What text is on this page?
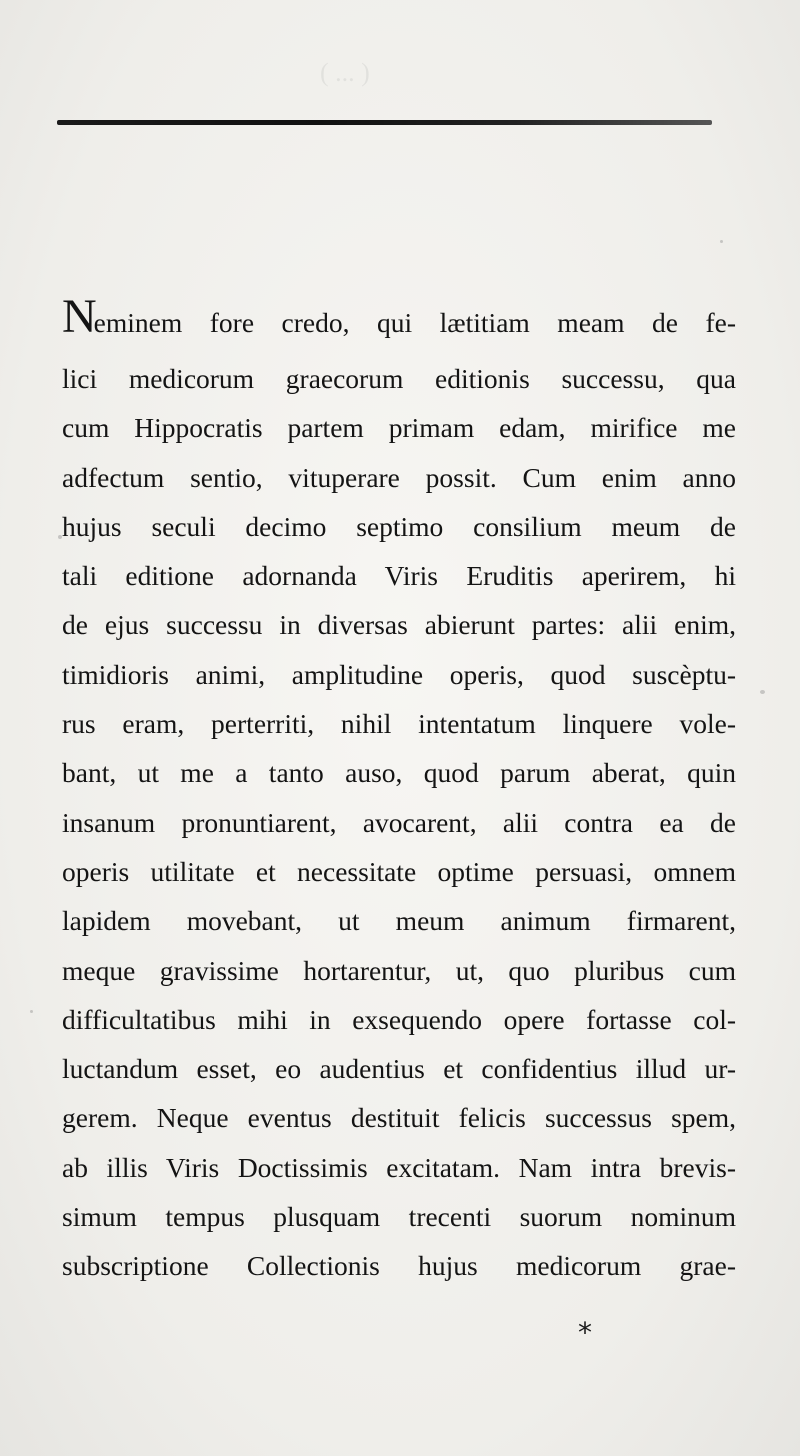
( ... )
Neminem fore credo, qui lætitiam meam de fe-
lici medicorum graecorum editionis successu, qua
cum Hippocratis partem primam edam, mirifice me
adfectum sentio, vituperare possit. Cum enim anno
hujus seculi decimo septimo consilium meum de
tali editione adornanda Viris Eruditis aperirem, hi
de ejus successu in diversas abierunt partes: alii enim,
timidioris animi, amplitudine operis, quod suscèptu-
rus eram, perterriti, nihil intentatum linquere vole-
bant, ut me a tanto auso, quod parum aberat, quin
insanum pronuntiarent, avocarent, alii contra ea de
operis utilitate et necessitate optime persuasi, omnem
lapidem movebant, ut meum animum firmarent,
meque gravissime hortarentur, ut, quo pluribus cum
difficultatibus mihi in exsequendo opere fortasse col-
luctandum esset, eo audentius et confidentius illud ur-
gerem. Neque eventus destituit felicis successus spem,
ab illis Viris Doctissimis excitatam. Nam intra brevis-
simum tempus plusquam trecenti suorum nominum
subscriptione Collectionis hujus medicorum grae-
*
